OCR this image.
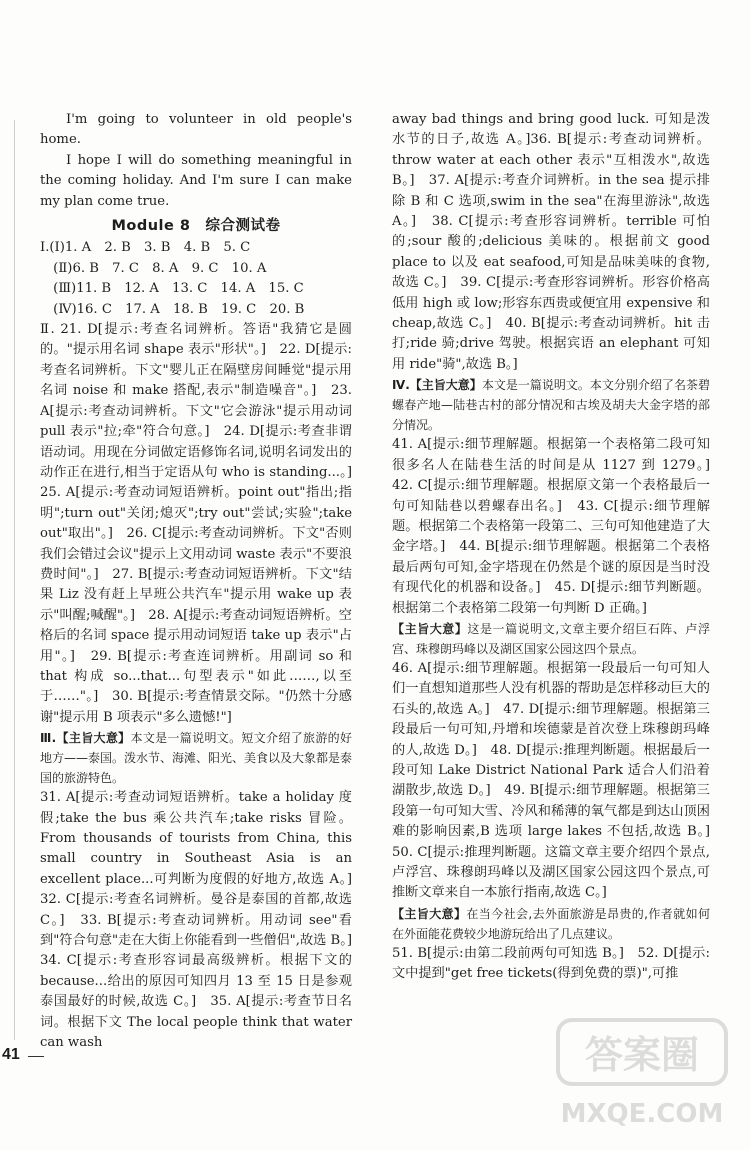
I'm going to volunteer in old people's home.

I hope I will do something meaningful in the coming holiday. And I'm sure I can make my plan come true.

Module 8　综合测试卷

Ⅰ.(Ⅰ)1. A　2. B　3. B　4. B　5. C

　(Ⅱ)6. B　7. C　8. A　9. C　10. A

　(Ⅲ)11. B　12. A　13. C　14. A　15. C

　(Ⅳ)16. C　17. A　18. B　19. C　20. B

Ⅱ. 21. D[提示:考查名词辨析。答语"我猜它是圆的。"提示用名词 shape 表示"形状"。]　22. D[提示:考查名词辨析。下文"婴儿正在隔壁房间睡觉"提示用名词 noise 和 make 搭配,表示"制造噪音"。]　23. A[提示:考查动词辨析。下文"它会游泳"提示用动词 pull 表示"拉;牵"符合句意。]　24. D[提示:考查非谓语动词。用现在分词做定语修饰名词,说明名词发出的动作正在进行,相当于定语从句 who is standing...。]　25. A[提示:考查动词短语辨析。point out"指出;指明";turn out"关闭;熄灭";try out"尝试;实验";take out"取出"。]　26. C[提示:考查动词辨析。下文"否则我们会错过会议"提示上文用动词 waste 表示"不要浪费时间"。]　27. B[提示:考查动词短语辨析。下文"结果 Liz 没有赶上早班公共汽车"提示用 wake up 表示"叫醒;喊醒"。]　28. A[提示:考查动词短语辨析。空格后的名词 space 提示用动词短语 take up 表示"占用"。]　29. B[提示:考查连词辨析。用副词 so 和 that 构成 so...that...句型表示"如此……,以至于……"。]　30. B[提示:考查情景交际。"仍然十分感谢"提示用 B 项表示"多么遗憾!"]

Ⅲ.【主旨大意】本文是一篇说明文。短文介绍了旅游的好地方——泰国。泼水节、海滩、阳光、美食以及大象都是泰国的旅游特色。

31. A[提示:考查动词短语辨析。take a holiday 度假;take the bus 乘公共汽车;take risks 冒险。From thousands of tourists from China, this small country in Southeast Asia is an excellent place...可判断为度假的好地方,故选 A。]　32. C[提示:考查名词辨析。曼谷是泰国的首都,故选 C。]　33. B[提示:考查动词辨析。用动词 see"看到"符合句意"走在大街上你能看到一些僧侣",故选 B。]　34. C[提示:考查形容词最高级辨析。根据下文的 because...给出的原因可知四月 13 至 15 日是参观泰国最好的时候,故选 C。]　35. A[提示:考查节日名词。根据下文 The local people think that water can wash

away bad things and bring good luck. 可知是泼水节的日子,故选 A。]36. B[提示:考查动词辨析。throw water at each other 表示"互相泼水",故选 B。]　37. A[提示:考查介词辨析。in the sea 提示排除 B 和 C 选项,swim in the sea"在海里游泳",故选 A。]　38. C[提示:考查形容词辨析。terrible 可怕的;sour 酸的;delicious 美味的。根据前文 good place to 以及 eat seafood,可知是品味美味的食物,故选 C。]　39. C[提示:考查形容词辨析。形容价格高低用 high 或 low;形容东西贵或便宜用 expensive 和 cheap,故选 C。]　40. B[提示:考查动词辨析。hit 击打;ride 骑;drive 驾驶。根据宾语 an elephant 可知用 ride"骑",故选 B。]

Ⅳ.【主旨大意】本文是一篇说明文。本文分别介绍了名茶碧螺春产地—陆巷古村的部分情况和古埃及胡夫大金字塔的部分情况。

41. A[提示:细节理解题。根据第一个表格第二段可知很多名人在陆巷生活的时间是从 1127 到 1279。]　42. C[提示:细节理解题。根据原文第一个表格最后一句可知陆巷以碧螺春出名。]　43. C[提示:细节理解题。根据第二个表格第一段第二、三句可知他建造了大金字塔。]　44. B[提示:细节理解题。根据第二个表格最后两句可知,金字塔现在仍然是个谜的原因是当时没有现代化的机器和设备。]　45. D[提示:细节判断题。根据第二个表格第二段第一句判断 D 正确。]

【主旨大意】这是一篇说明文,文章主要介绍巨石阵、卢浮宫、珠穆朗玛峰以及湖区国家公园这四个景点。

46. A[提示:细节理解题。根据第一段最后一句可知人们一直想知道那些人没有机器的帮助是怎样移动巨大的石头的,故选 A。]　47. D[提示:细节理解题。根据第三段最后一句可知,丹增和埃德蒙是首次登上珠穆朗玛峰的人,故选 D。]　48. D[提示:推理判断题。根据最后一段可知 Lake District National Park 适合人们沿着湖散步,故选 D。]　49. B[提示:细节理解题。根据第三段第一句可知大雪、冷风和稀薄的氧气都是到达山顶困难的影响因素,B 选项 large lakes 不包括,故选 B。]　50. C[提示:推理判断题。这篇文章主要介绍四个景点,卢浮宫、珠穆朗玛峰以及湖区国家公园这四个景点,可推断文章来自一本旅行指南,故选 C。]

【主旨大意】在当今社会,去外面旅游是昂贵的,作者就如何在外面能花费较少地游玩给出了几点建议。

51. B[提示:由第二段前两句可知选 B。]　52. D[提示:文中提到"get free tickets(得到免费的票)",可推

41	答案圈
MXQE.COM
